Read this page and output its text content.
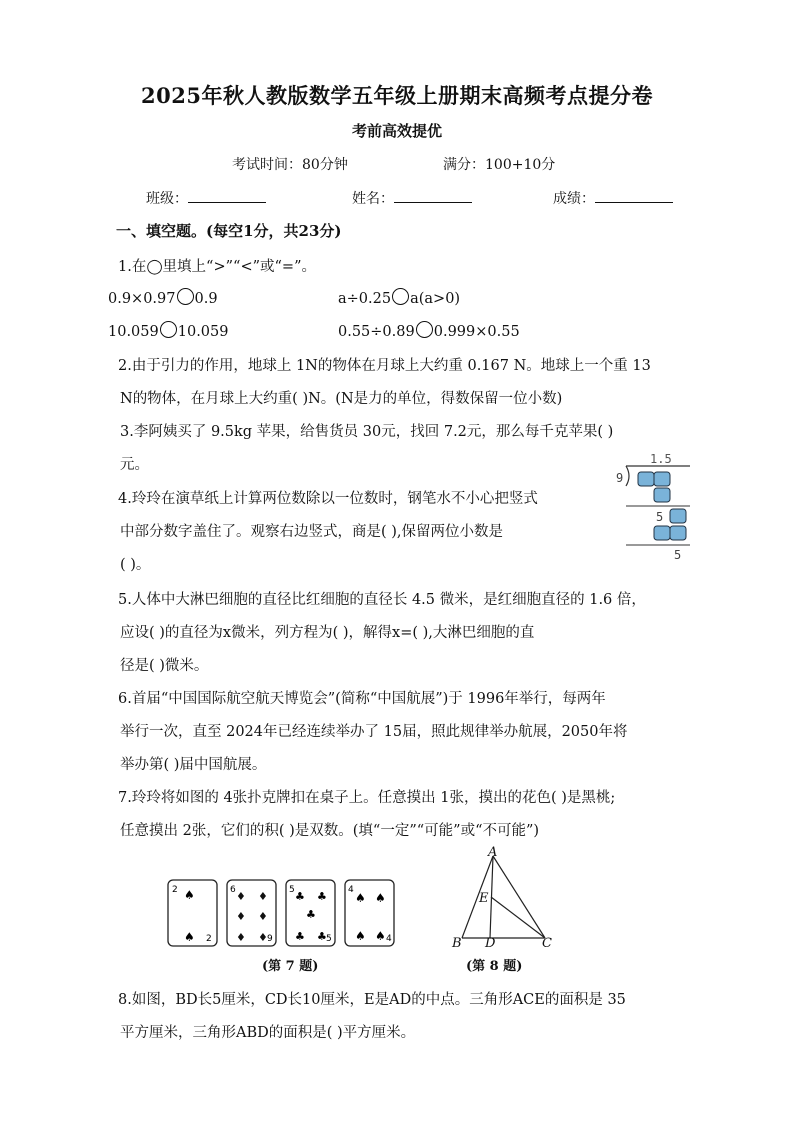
2025年秋人教版数学五年级上册期末高频考点提分卷
考前高效提优
考试时间：80分钟	满分：100+10分
班级：	姓名：	成绩：
一、填空题。(每空1分，共23分)
1.在◯里填上“>”“<”或“=”。
0.9×0.97 0.9	a÷0.25 a(a>0)
10.059 10.059	0.55÷0.89 0.999×0.55
2.由于引力的作用，地球上 1N的物体在月球上大约重 0.167 N。地球上一个重 13
N的物体，在月球上大约重( )N。(N是力的单位，得数保留一位小数)
3.李阿姨买了 9.5kg 苹果，给售货员 30元，找回 7.2元，那么每千克苹果( )
元。
4.玲玲在演草纸上计算两位数除以一位数时，钢笔水不小心把竖式
中部分数字盖住了。观察右边竖式，商是( ),保留两位小数是
( )。
1.5
9
5
5
5.人体中大淋巴细胞的直径比红细胞的直径长 4.5 微米，是红细胞直径的 1.6 倍，
应设( )的直径为x微米，列方程为( )，解得x=( ),大淋巴细胞的直
径是( )微米。
6.首届“中国国际航空航天博览会”(简称“中国航展”)于 1996年举行，每两年
举行一次，直至 2024年已经连续举办了 15届，照此规律举办航展，2050年将
举办第( )届中国航展。
7.玲玲将如图的 4张扑克牌扣在桌子上。任意摸出 1张，摸出的花色( )是黑桃;
任意摸出 2张，它们的积( )是双数。(填“一定”“可能”或“不可能”)
2 ♠
♠ 2
6 ♦ ♦
♦ ♦
♦ ♦ 9
5 ♣ ♣
♣
♣ ♣ 5
4
♠ ♠
♠ ♠ 4
(第 7 题)
A
B D	C
E
(第 8 题)
8.如图，BD长5厘米，CD长10厘米，E是AD的中点。三角形ACE的面积是 35
平方厘米，三角形ABD的面积是( )平方厘米。
